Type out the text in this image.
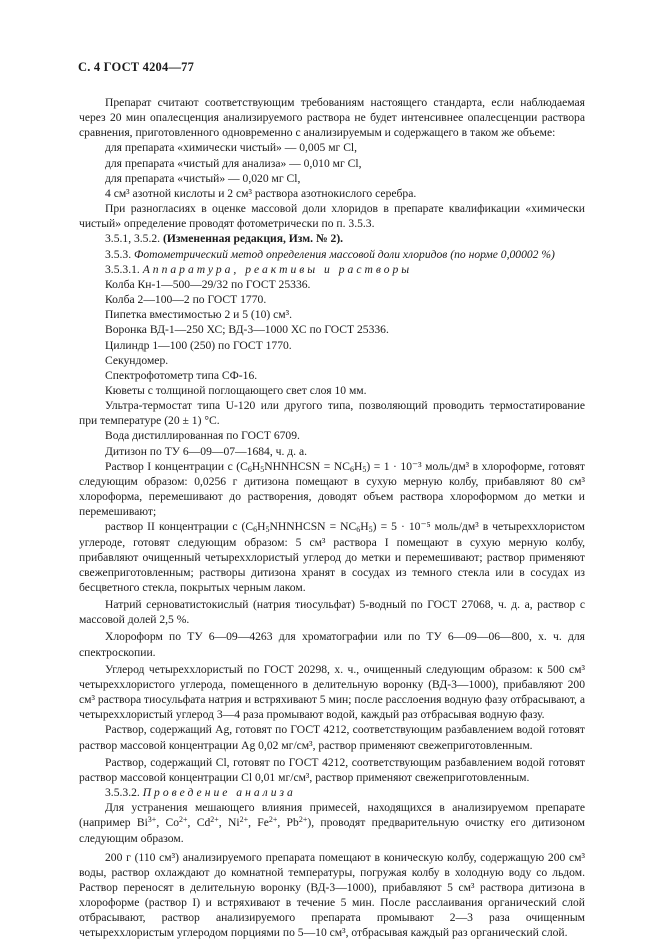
С. 4 ГОСТ 4204—77

Препарат считают соответствующим требованиям настоящего стандарта, если наблюдаемая через 20 мин опалесценция анализируемого раствора не будет интенсивнее опалесценции раствора сравнения, приготовленного одновременно с анализируемым и содержащего в таком же объеме:

для препарата «химически чистый» — 0,005 мг Cl,

для препарата «чистый для анализа» — 0,010 мг Cl,

для препарата «чистый» — 0,020 мг Cl,

4 см³ азотной кислоты и 2 см³ раствора азотнокислого серебра.

При разногласиях в оценке массовой доли хлоридов в препарате квалификации «химически чистый» определение проводят фотометрически по п. 3.5.3.

3.5.1, 3.5.2. (Измененная редакция, Изм. № 2).

3.5.3. Фотометрический метод определения массовой доли хлоридов (по норме 0,00002 %)

3.5.3.1. Аппаратура, реактивы и растворы

Колба Кн-1—500—29/32 по ГОСТ 25336.

Колба 2—100—2 по ГОСТ 1770.

Пипетка вместимостью 2 и 5 (10) см³.

Воронка ВД-1—250 ХС; ВД-3—1000 ХС по ГОСТ 25336.

Цилиндр 1—100 (250) по ГОСТ 1770.

Секундомер.

Спектрофотометр типа СФ-16.

Кюветы с толщиной поглощающего свет слоя 10 мм.

Ультра-термостат типа U-120 или другого типа, позволяющий проводить термостатирование при температуре (20 ± 1) °С.

Вода дистиллированная по ГОСТ 6709.

Дитизон по ТУ 6—09—07—1684, ч. д. а.

Раствор I концентрации c $(C_6H_5NHNHCSN = NC_6H_5) = 1 \cdot 10^{-3}$ моль/дм³ в хлороформе, готовят следующим образом: 0,0256 г дитизона помещают в сухую мерную колбу, прибавляют 80 см³ хлороформа, перемешивают до растворения, доводят объем раствора хлороформом до метки и перемешивают;

раствор II концентрации c $(C_6H_5NHNHCSN = NC_6H_5) = 5 \cdot 10^{-5}$ моль/дм³ в четыреххлористом углероде, готовят следующим образом: 5 см³ раствора I помещают в сухую мерную колбу, прибавляют очищенный четыреххлористый углерод до метки и перемешивают; раствор применяют свежеприготовленным; растворы дитизона хранят в сосудах из темного стекла или в сосудах из бесцветного стекла, покрытых черным лаком.

Натрий серноватистокислый (натрия тиосульфат) 5-водный по ГОСТ 27068, ч. д. а, раствор с массовой долей 2,5 %.

Хлороформ по ТУ 6—09—4263 для хроматографии или по ТУ 6—09—06—800, х. ч. для спектроскопии.

Углерод четыреххлористый по ГОСТ 20298, х. ч., очищенный следующим образом: к 500 см³ четыреххлористого углерода, помещенного в делительную воронку (ВД-3—1000), прибавляют 200 см³ раствора тиосульфата натрия и встряхивают 5 мин; после расслоения водную фазу отбрасывают, а четыреххлористый углерод 3—4 раза промывают водой, каждый раз отбрасывая водную фазу.

Раствор, содержащий Ag, готовят по ГОСТ 4212, соответствующим разбавлением водой готовят раствор массовой концентрации Ag 0,02 мг/см³, раствор применяют свежеприготовленным.

Раствор, содержащий Cl, готовят по ГОСТ 4212, соответствующим разбавлением водой готовят раствор массовой концентрации Cl 0,01 мг/см³, раствор применяют свежеприготовленным.

3.5.3.2. Проведение анализа

Для устранения мешающего влияния примесей, находящихся в анализируемом препарате (например $Bi^{3+}$, $Co^{2+}$, $Cd^{2+}$, $Ni^{2+}$, $Fe^{2+}$, $Pb^{2+}$), проводят предварительную очистку его дитизоном следующим образом.

200 г (110 см³) анализируемого препарата помещают в коническую колбу, содержащую 200 см³ воды, раствор охлаждают до комнатной температуры, погружая колбу в холодную воду со льдом. Раствор переносят в делительную воронку (ВД-3—1000), прибавляют 5 см³ раствора дитизона в хлороформе (раствор I) и встряхивают в течение 5 мин. После расслаивания органический слой отбрасывают, раствор анализируемого препарата промывают 2—3 раза очищенным четыреххлористым углеродом порциями по 5—10 см³, отбрасывая каждый раз органический слой.
